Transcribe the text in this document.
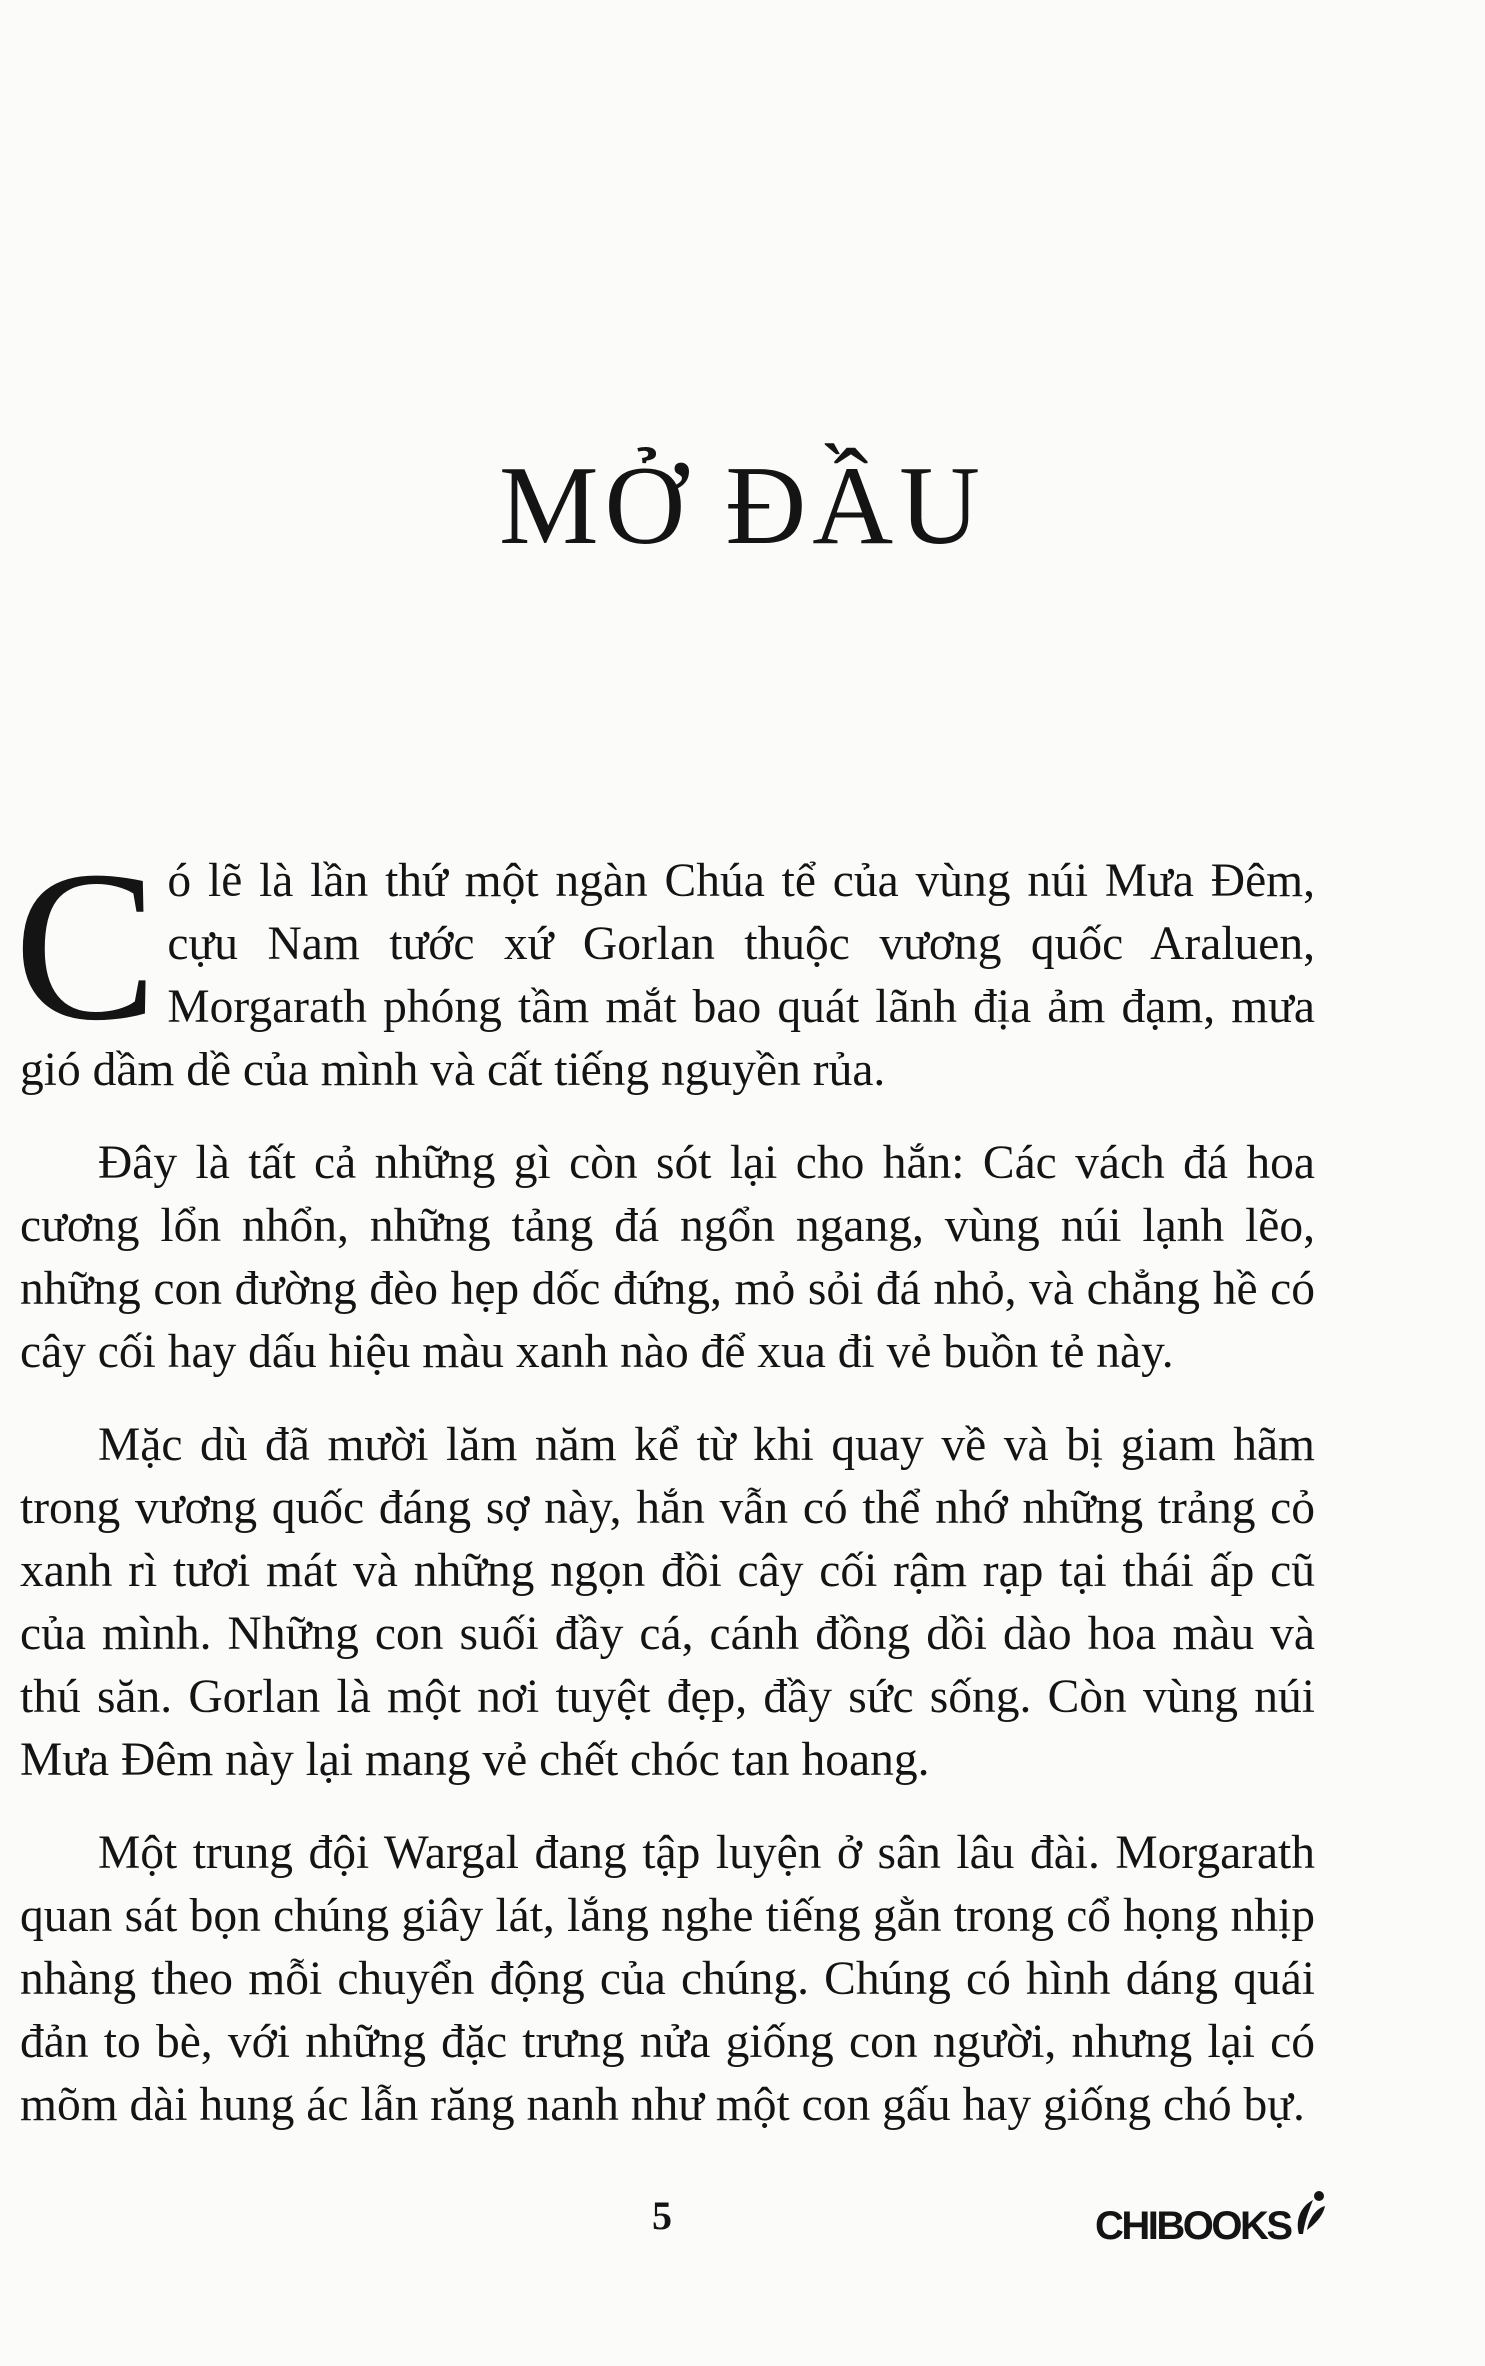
MỞ ĐẦU

Có lẽ là lần thứ một ngàn Chúa tể của vùng núi Mưa Đêm, cựu Nam tước xứ Gorlan thuộc vương quốc Araluen, Morgarath phóng tầm mắt bao quát lãnh địa ảm đạm, mưa gió dầm dề của mình và cất tiếng nguyền rủa.

Đây là tất cả những gì còn sót lại cho hắn: Các vách đá hoa cương lổn nhổn, những tảng đá ngổn ngang, vùng núi lạnh lẽo, những con đường đèo hẹp dốc đứng, mỏ sỏi đá nhỏ, và chẳng hề có cây cối hay dấu hiệu màu xanh nào để xua đi vẻ buồn tẻ này.

Mặc dù đã mười lăm năm kể từ khi quay về và bị giam hãm trong vương quốc đáng sợ này, hắn vẫn có thể nhớ những trảng cỏ xanh rì tươi mát và những ngọn đồi cây cối rậm rạp tại thái ấp cũ của mình. Những con suối đầy cá, cánh đồng dồi dào hoa màu và thú săn. Gorlan là một nơi tuyệt đẹp, đầy sức sống. Còn vùng núi Mưa Đêm này lại mang vẻ chết chóc tan hoang.

Một trung đội Wargal đang tập luyện ở sân lâu đài. Morgarath quan sát bọn chúng giây lát, lắng nghe tiếng gằn trong cổ họng nhịp nhàng theo mỗi chuyển động của chúng. Chúng có hình dáng quái đản to bè, với những đặc trưng nửa giống con người, nhưng lại có mõm dài hung ác lẫn răng nanh như một con gấu hay giống chó bự.

5	CHIBOOKS
